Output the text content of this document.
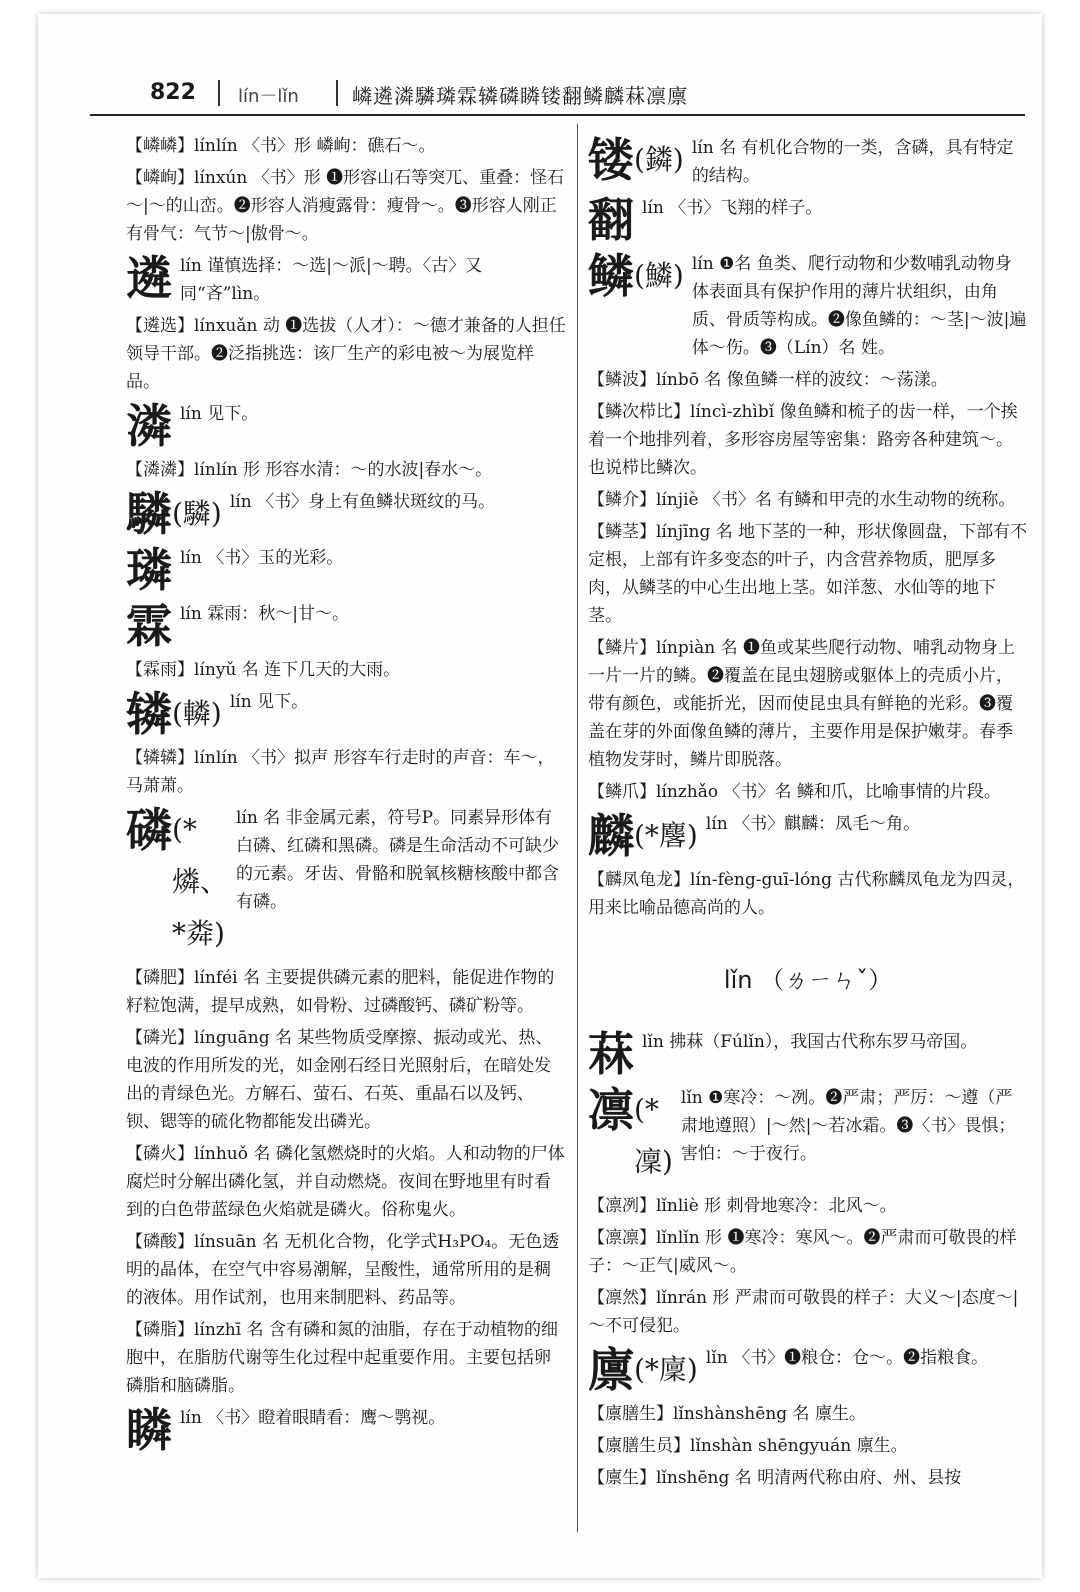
822 lín－lǐn	嶙遴潾驎璘霖辚磷瞵镂翻鳞麟菻凛廪
【嶙嶙】línlín 〈书〉形 嶙峋：礁石～。
【嶙峋】línxún 〈书〉形 ❶形容山石等突兀、重叠：怪石～|～的山峦。❷形容人消瘦露骨：瘦骨～。❸形容人刚正有骨气：气节～|傲骨～。
遴 lín 谨慎选择：～选|～派|～聘。〈古〉又同“吝”lìn。
【遴选】línxuǎn 动 ❶选拔（人才）：～德才兼备的人担任领导干部。❷泛指挑选：该厂生产的彩电被～为展览样品。
潾 lín 见下。
【潾潾】línlín 形 形容水清：～的水波|春水～。
驎 (驎) lín 〈书〉身上有鱼鳞状斑纹的马。
璘 lín 〈书〉玉的光彩。
霖 lín 霖雨：秋～|甘～。
【霖雨】línyǔ 名 连下几天的大雨。
辚 (轔) lín 见下。
【辚辚】línlín 〈书〉拟声 形容车行走时的声音：车～，马萧萧。
磷 (*燐、*粦)
lín 名 非金属元素，符号P。同素异形体有白磷、红磷和黑磷。磷是生命活动不可缺少的元素。牙齿、骨骼和脱氧核糖核酸中都含有磷。
【磷肥】línféi 名 主要提供磷元素的肥料，能促进作物的籽粒饱满，提早成熟，如骨粉、过磷酸钙、磷矿粉等。
【磷光】línguāng 名 某些物质受摩擦、振动或光、热、电波的作用所发的光，如金刚石经日光照射后，在暗处发出的青绿色光。方解石、萤石、石英、重晶石以及钙、钡、锶等的硫化物都能发出磷光。
【磷火】línhuǒ 名 磷化氢燃烧时的火焰。人和动物的尸体腐烂时分解出磷化氢，并自动燃烧。夜间在野地里有时看到的白色带蓝绿色火焰就是磷火。俗称鬼火。
【磷酸】línsuān 名 无机化合物，化学式H₃PO₄。无色透明的晶体，在空气中容易潮解，呈酸性，通常所用的是稠的液体。用作试剂，也用来制肥料、药品等。
【磷脂】línzhī 名 含有磷和氮的油脂，存在于动植物的细胞中，在脂肪代谢等生化过程中起重要作用。主要包括卵磷脂和脑磷脂。
瞵 lín 〈书〉瞪着眼睛看：鹰～鹗视。
镂 (鏻) lín 名 有机化合物的一类，含磷，具有特定的结构。
翻 lín 〈书〉飞翔的样子。
鳞 (鱗) lín ❶名 鱼类、爬行动物和少数哺乳动物身体表面具有保护作用的薄片状组织，由角质、骨质等构成。❷像鱼鳞的：～茎|～波|遍体～伤。❸（Lín）名 姓。
【鳞波】línbō 名 像鱼鳞一样的波纹：～荡漾。
【鳞次栉比】líncì-zhìbǐ 像鱼鳞和梳子的齿一样，一个挨着一个地排列着，多形容房屋等密集：路旁各种建筑～。也说栉比鳞次。
【鳞介】línjiè 〈书〉名 有鳞和甲壳的水生动物的统称。
【鳞茎】línjīng 名 地下茎的一种，形状像圆盘，下部有不定根，上部有许多变态的叶子，内含营养物质，肥厚多肉，从鳞茎的中心生出地上茎。如洋葱、水仙等的地下茎。
【鳞片】línpiàn 名 ❶鱼或某些爬行动物、哺乳动物身上一片一片的鳞。❷覆盖在昆虫翅膀或躯体上的壳质小片，带有颜色，或能折光，因而使昆虫具有鲜艳的光彩。❸覆盖在芽的外面像鱼鳞的薄片，主要作用是保护嫩芽。春季植物发芽时，鳞片即脱落。
【鳞爪】línzhǎo 〈书〉名 鳞和爪，比喻事情的片段。
麟 (*麐) lín 〈书〉麒麟：凤毛～角。
【麟凤龟龙】lín-fèng-guī-lóng 古代称麟凤龟龙为四灵，用来比喻品德高尚的人。
lǐn （ㄌㄧㄣˇ）
菻 lǐn 拂菻（Fúlǐn），我国古代称东罗马帝国。
凛 (*凜)
lǐn ❶寒冷：～冽。❷严肃；严厉：～遵（严肃地遵照）|～然|～若冰霜。❸〈书〉畏惧；害怕：～于夜行。
【凛冽】lǐnliè 形 刺骨地寒冷：北风～。
【凛凛】lǐnlǐn 形 ❶寒冷：寒风～。❷严肃而可敬畏的样子：～正气|威风～。
【凛然】lǐnrán 形 严肃而可敬畏的样子：大义～|态度～|～不可侵犯。
廪 (*廩) lǐn 〈书〉❶粮仓：仓～。❷指粮食。
【廪膳生】lǐnshànshēng 名 廪生。
【廪膳生员】lǐnshàn shēngyuán 廪生。
【廪生】lǐnshēng 名 明清两代称由府、州、县按
